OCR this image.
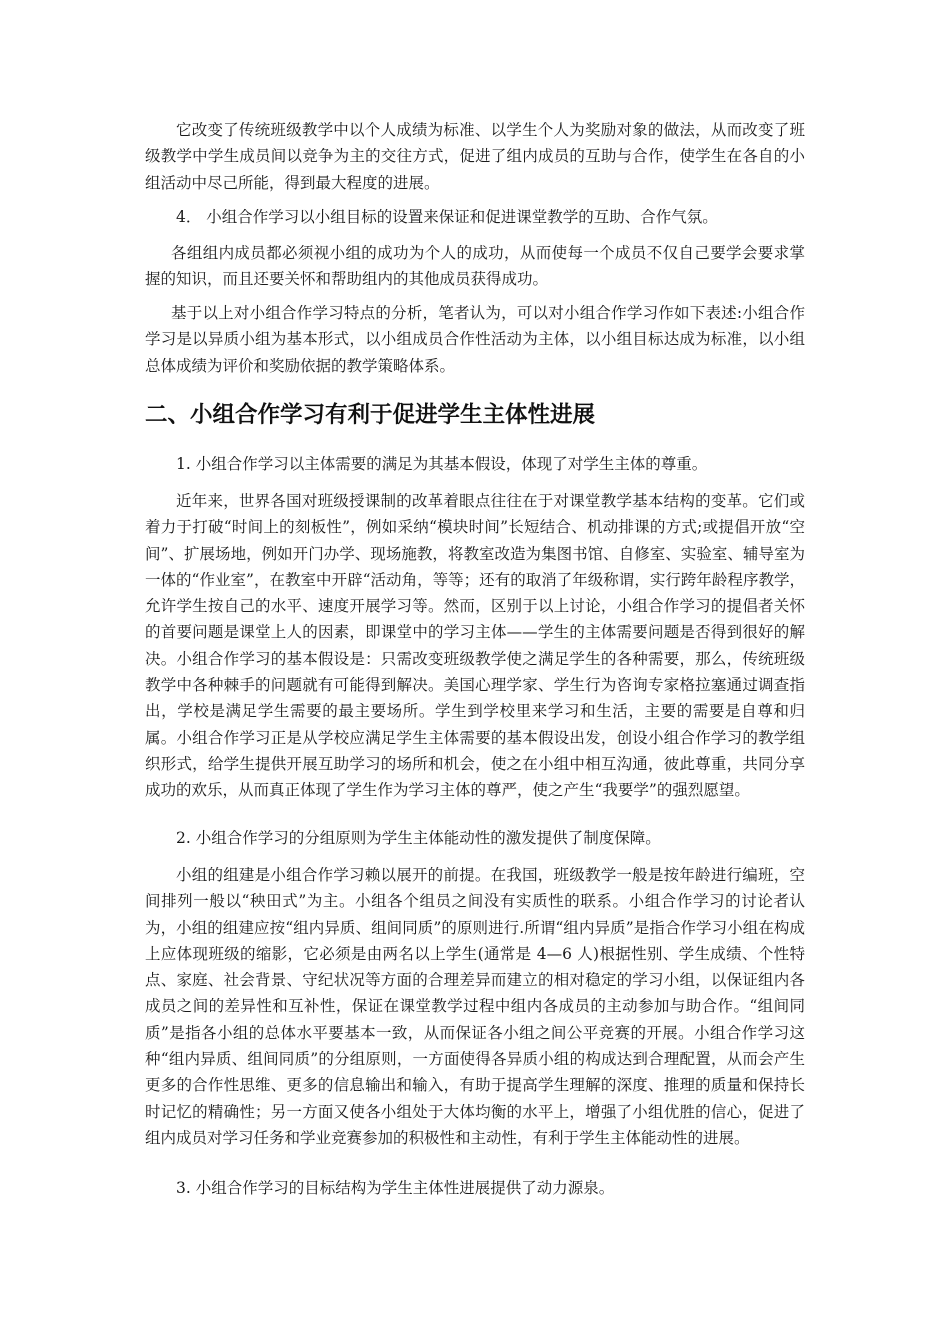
它改变了传统班级教学中以个人成绩为标准、以学生个人为奖励对象的做法，从而改变了班级教学中学生成员间以竞争为主的交往方式，促进了组内成员的互助与合作，使学生在各自的小组活动中尽己所能，得到最大程度的进展。

4． 小组合作学习以小组目标的设置来保证和促进课堂教学的互助、合作气氛。

各组组内成员都必须视小组的成功为个人的成功，从而使每一个成员不仅自己要学会要求掌握的知识，而且还要关怀和帮助组内的其他成员获得成功。

基于以上对小组合作学习特点的分析，笔者认为，可以对小组合作学习作如下表述:小组合作学习是以异质小组为基本形式，以小组成员合作性活动为主体，以小组目标达成为标准，以小组总体成绩为评价和奖励依据的教学策略体系。

二、小组合作学习有利于促进学生主体性进展

1. 小组合作学习以主体需要的满足为其基本假设，体现了对学生主体的尊重。

近年来，世界各国对班级授课制的改革着眼点往往在于对课堂教学基本结构的变革。它们或着力于打破“时间上的刻板性”，例如采纳“模块时间”长短结合、机动排课的方式;或提倡开放“空间”、扩展场地，例如开门办学、现场施教，将教室改造为集图书馆、自修室、实验室、辅导室为一体的“作业室”，在教室中开辟“活动角，等等；还有的取消了年级称谓，实行跨年龄程序教学，允许学生按自己的水平、速度开展学习等。然而，区别于以上讨论，小组合作学习的提倡者关怀的首要问题是课堂上人的因素，即课堂中的学习主体——学生的主体需要问题是否得到很好的解决。小组合作学习的基本假设是：只需改变班级教学使之满足学生的各种需要，那么，传统班级教学中各种棘手的问题就有可能得到解决。美国心理学家、学生行为咨询专家格拉塞通过调查指出，学校是满足学生需要的最主要场所。学生到学校里来学习和生活，主要的需要是自尊和归属。小组合作学习正是从学校应满足学生主体需要的基本假设出发，创设小组合作学习的教学组织形式，给学生提供开展互助学习的场所和机会，使之在小组中相互沟通，彼此尊重，共同分享成功的欢乐，从而真正体现了学生作为学习主体的尊严，使之产生“我要学”的强烈愿望。

2. 小组合作学习的分组原则为学生主体能动性的激发提供了制度保障。

小组的组建是小组合作学习赖以展开的前提。在我国，班级教学一般是按年龄进行编班，空间排列一般以“秧田式”为主。小组各个组员之间没有实质性的联系。小组合作学习的讨论者认为，小组的组建应按“组内异质、组间同质”的原则进行.所谓“组内异质”是指合作学习小组在构成上应体现班级的缩影，它必须是由两名以上学生(通常是 4—6 人)根据性别、学生成绩、个性特点、家庭、社会背景、守纪状况等方面的合理差异而建立的相对稳定的学习小组，以保证组内各成员之间的差异性和互补性，保证在课堂教学过程中组内各成员的主动参加与助合作。“组间同质”是指各小组的总体水平要基本一致，从而保证各小组之间公平竞赛的开展。小组合作学习这种“组内异质、组间同质”的分组原则，一方面使得各异质小组的构成达到合理配置，从而会产生更多的合作性思维、更多的信息输出和输入，有助于提高学生理解的深度、推理的质量和保持长时记忆的精确性；另一方面又使各小组处于大体均衡的水平上，增强了小组优胜的信心，促进了组内成员对学习任务和学业竞赛参加的积极性和主动性，有利于学生主体能动性的进展。

3. 小组合作学习的目标结构为学生主体性进展提供了动力源泉。
